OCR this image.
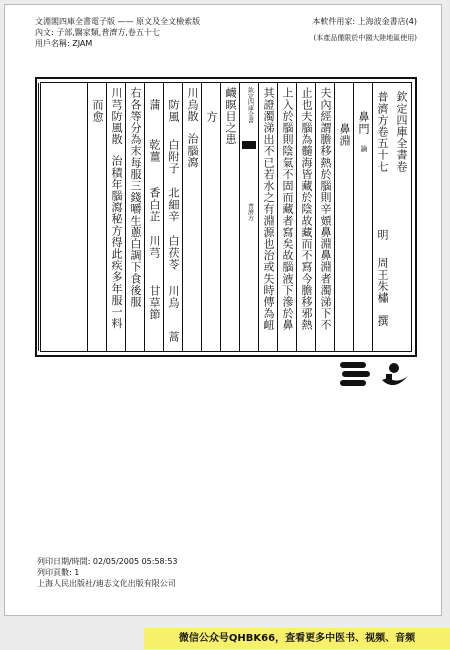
文淵閣四庫全書電子版 —— 原文及全文檢索版
內文: 子部,醫家類,普濟方,卷五十七
用戶名稱: ZJAM
本軟件用家: 上海波金書店(4)
(本產品僅限於中國大陸地區使用)
欽定四庫全書卷
普濟方卷五十七
明
周王朱橚
撰
鼻門
論
鼻淵
夫內經謂膽移熱於腦則辛頞鼻淵鼻淵者濁涕下不
止也夫腦為髓海皆藏於陰故藏而不寫今膽移邪熱
上入於腦則陰氣不固而藏者寫矣故腦液下滲於鼻
其證濁涕出不已若水之有淵源也治或失時傳為衄
欽定四庫全書
普濟方
衊瞑目之患
方
川烏散
治腦瀉
防風
白附子
北細辛
白茯苓
川烏
蒿
蒲
乾薑
香白芷
川芎
甘草節
右各等分為末每服三錢嚼生蔥白調下食後服
川芎防風散
治積年腦瀉秘方得此疾多年服一料
而愈
列印日期/時間: 02/05/2005 05:58:53
列印頁數: 1
上海人民出版社/迪志文化出版有限公司
微信公众号QHBK66，查看更多中医书、视频、音频
